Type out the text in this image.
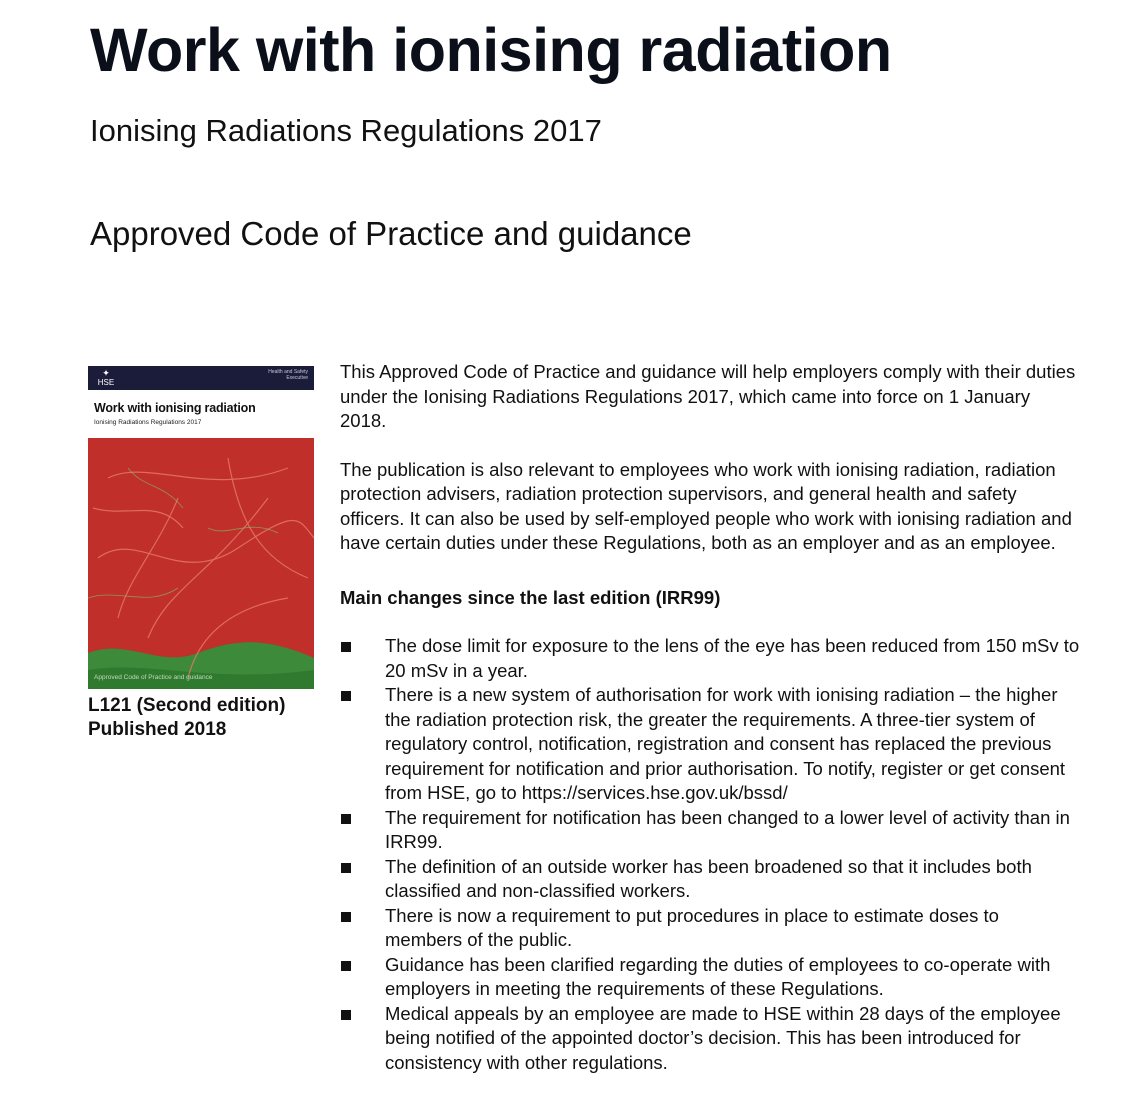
Work with ionising radiation
Ionising Radiations Regulations 2017
Approved Code of Practice and guidance
✦
HSE
Health and Safety Executive
Work with ionising radiation
Ionising Radiations Regulations 2017
Approved Code of Practice and guidance
L121 (Second edition)
Published 2018

This Approved Code of Practice and guidance will help employers comply with their duties under the Ionising Radiations Regulations 2017, which came into force on 1 January 2018.

The publication is also relevant to employees who work with ionising radiation, radiation protection advisers, radiation protection supervisors, and general health and safety officers. It can also be used by self-employed people who work with ionising radiation and have certain duties under these Regulations, both as an employer and as an employee.

Main changes since the last edition (IRR99)

The dose limit for exposure to the lens of the eye has been reduced from 150 mSv to 20 mSv in a year.
There is a new system of authorisation for work with ionising radiation – the higher the radiation protection risk, the greater the requirements. A three-tier system of regulatory control, notification, registration and consent has replaced the previous requirement for notification and prior authorisation. To notify, register or get consent from HSE, go to https://services.hse.gov.uk/bssd/
The requirement for notification has been changed to a lower level of activity than in IRR99.
The definition of an outside worker has been broadened so that it includes both classified and non-classified workers.
There is now a requirement to put procedures in place to estimate doses to members of the public.
Guidance has been clarified regarding the duties of employees to co-operate with employers in meeting the requirements of these Regulations.
Medical appeals by an employee are made to HSE within 28 days of the employee being notified of the appointed doctor’s decision. This has been introduced for consistency with other regulations.
